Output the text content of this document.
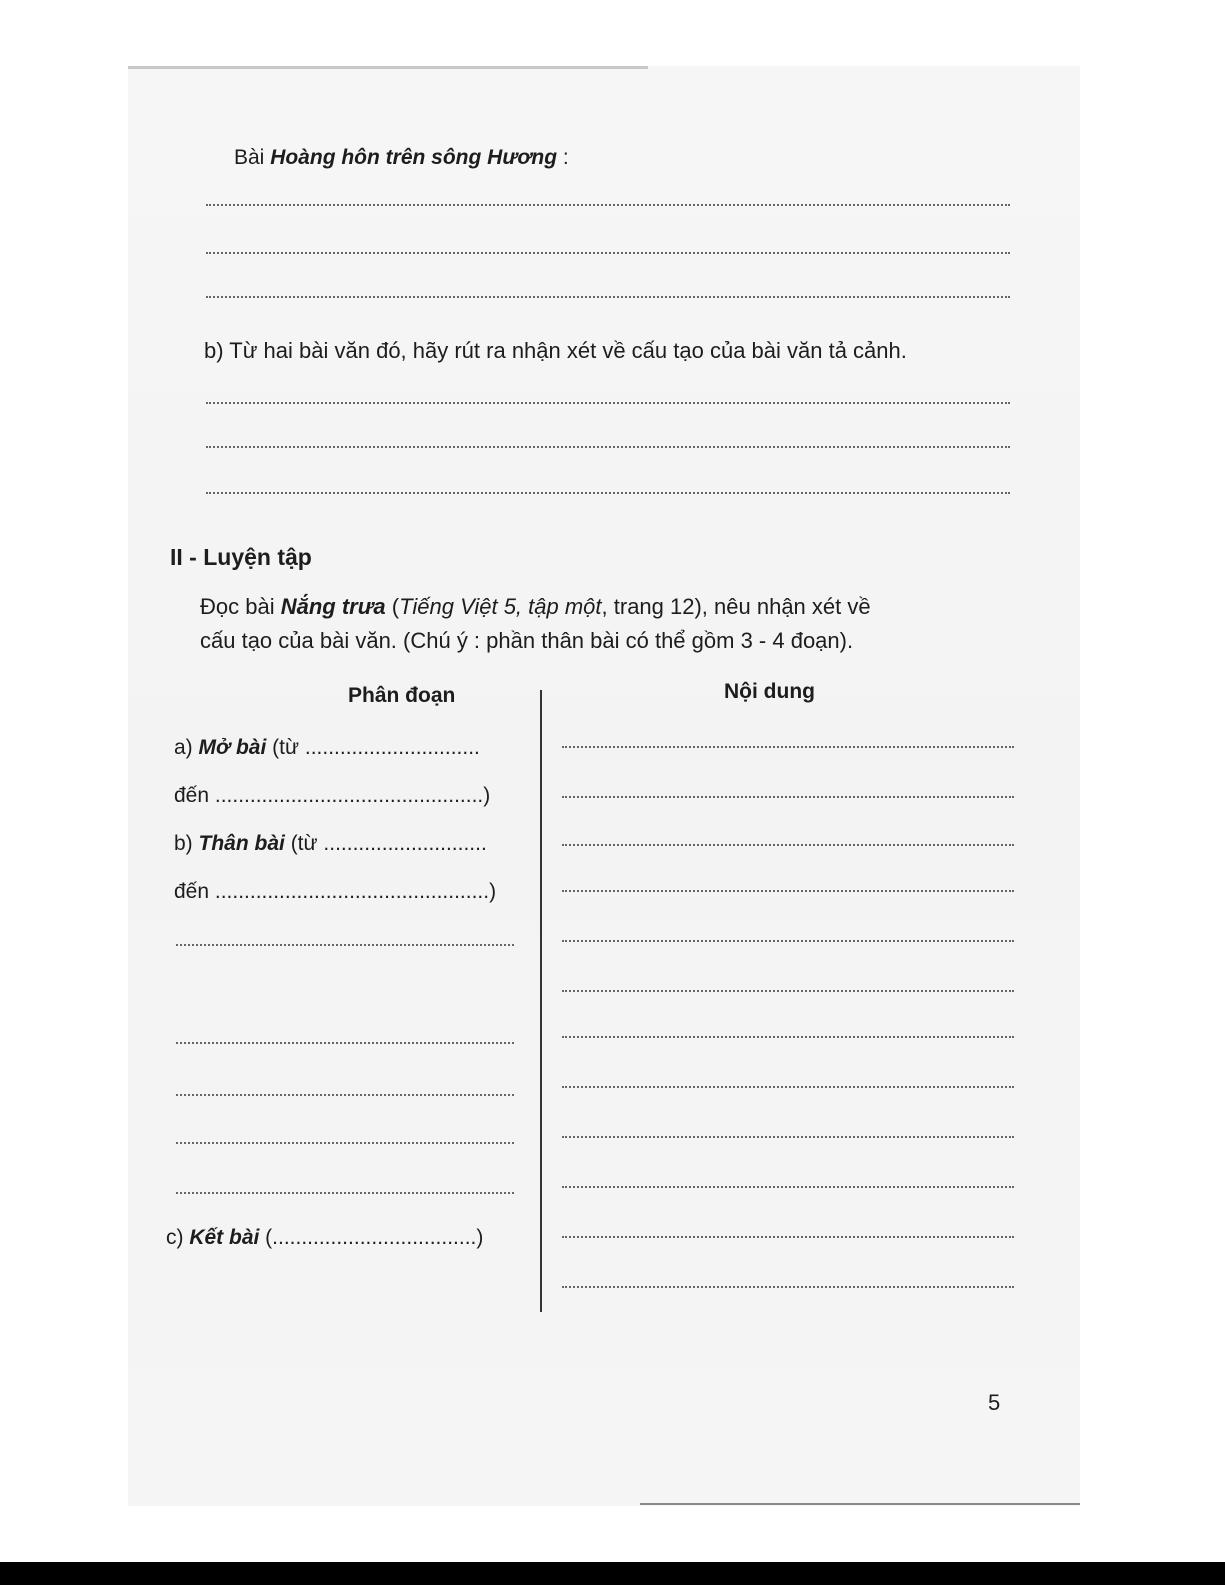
Bài Hoàng hôn trên sông Hương :
b) Từ hai bài văn đó, hãy rút ra nhận xét về cấu tạo của bài văn tả cảnh.
II - Luyện tập
Đọc bài Nắng trưa (Tiếng Việt 5, tập một, trang 12), nêu nhận xét về
cấu tạo của bài văn. (Chú ý : phần thân bài có thể gồm 3 - 4 đoạn).
Phân đoạn	Nội dung
a) Mở bài (từ ..............................
đến ..............................................)
b) Thân bài (từ ............................
đến ...............................................)
c) Kết bài (...................................)
5
